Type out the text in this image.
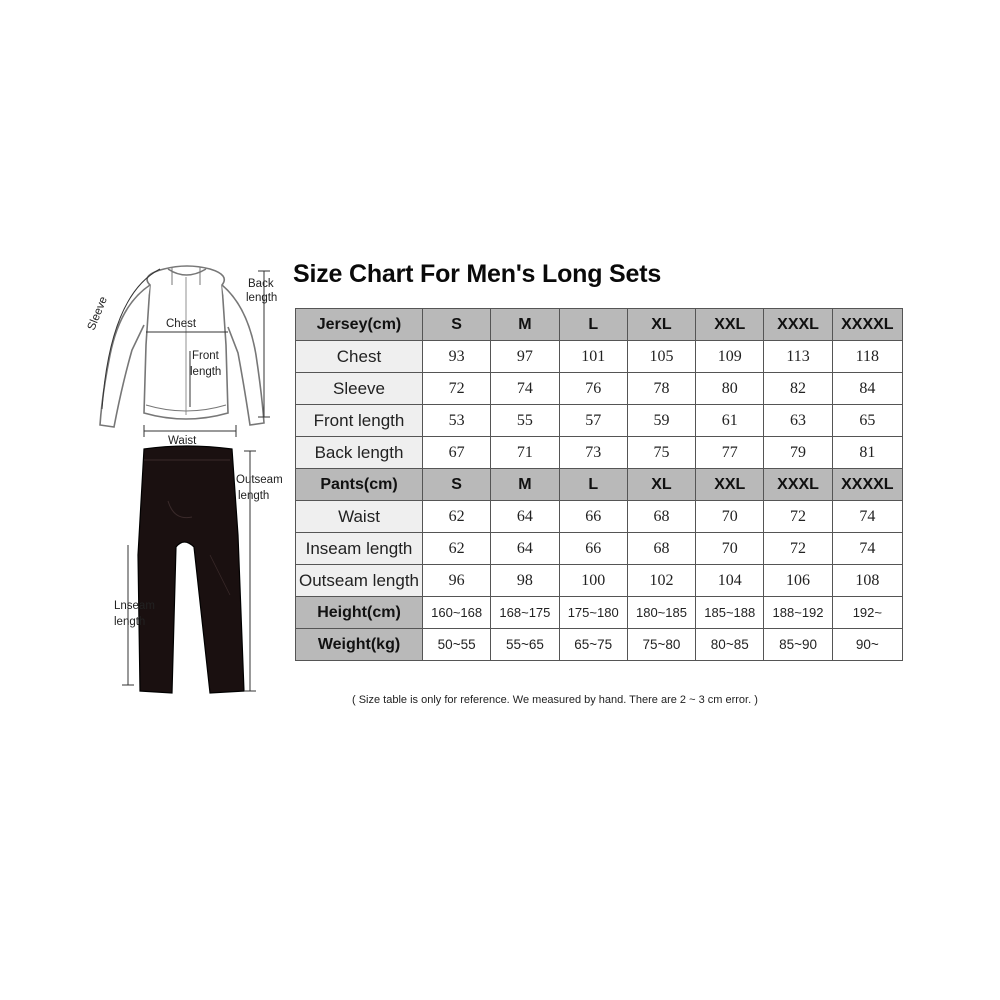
Sleeve	Chest
Back
length
Front
length
Waist
Outseam
length
Lnseam
length
Size Chart For Men's Long Sets
Jersey(cm)	S	M	L	XL	XXL	XXXL	XXXXL
Chest	93	97	101	105	109	113	118
Sleeve	72	74	76	78	80	82	84
Front length	53	55	57	59	61	63	65
Back length	67	71	73	75	77	79	81
Pants(cm)	S	M	L	XL	XXL	XXXL	XXXXL
Waist	62	64	66	68	70	72	74
Inseam length	62	64	66	68	70	72	74
Outseam length	96	98	100	102	104	106	108
Height(cm)	160~168	168~175	175~180	180~185	185~188	188~192	192~
Weight(kg)	50~55	55~65	65~75	75~80	80~85	85~90	90~

( Size table is only for reference. We measured by hand. There are 2 ~ 3 cm error. )
